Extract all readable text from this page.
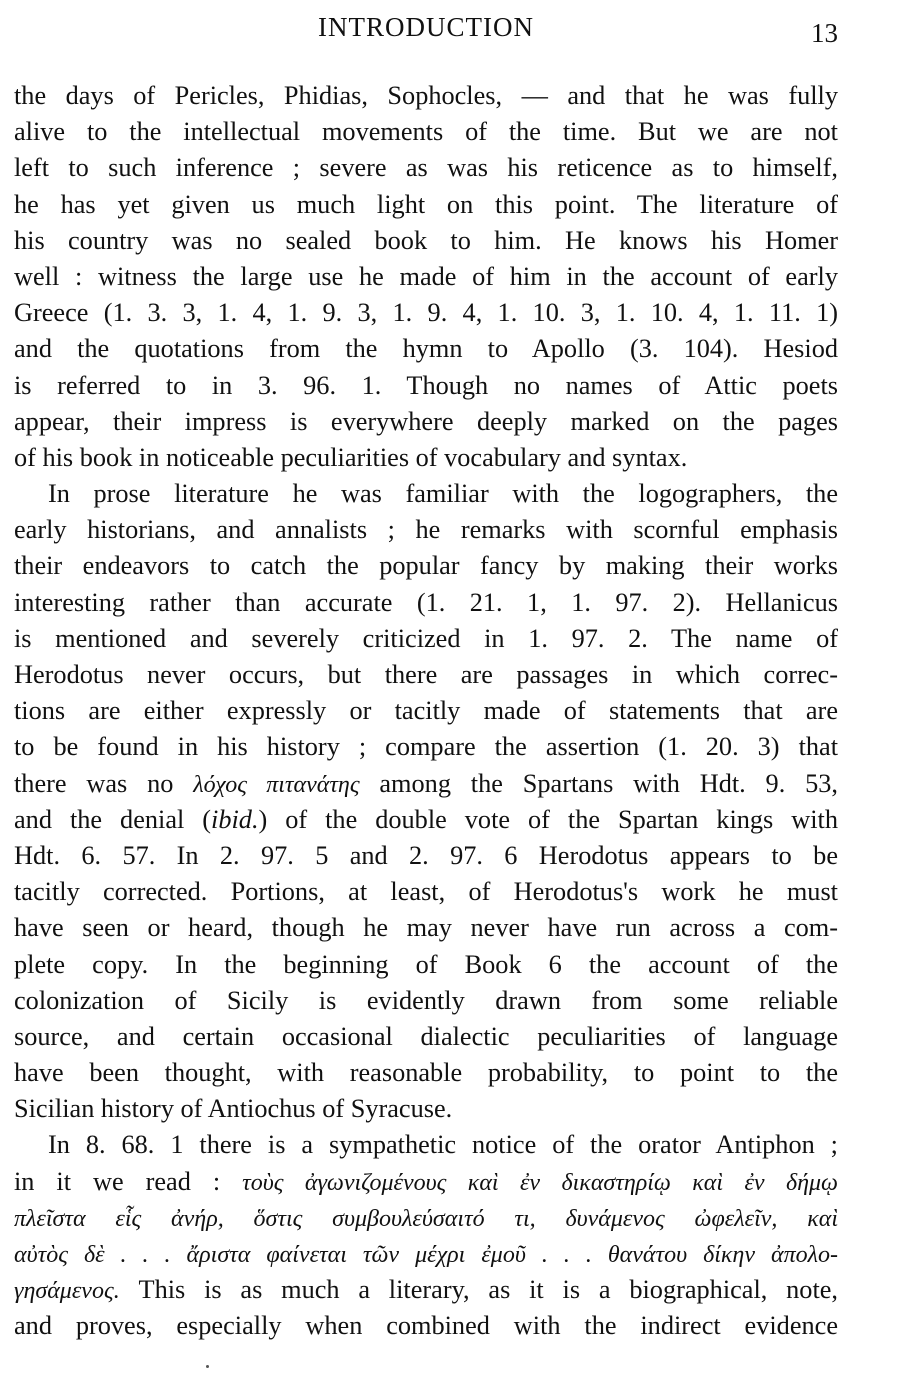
INTRODUCTION	13
the days of Pericles, Phidias, Sophocles, — and that he was fully
alive to the intellectual movements of the time. But we are not
left to such inference ; severe as was his reticence as to himself,
he has yet given us much light on this point. The literature of
his country was no sealed book to him. He knows his Homer
well : witness the large use he made of him in the account of early
Greece (1. 3. 3, 1. 4, 1. 9. 3, 1. 9. 4, 1. 10. 3, 1. 10. 4, 1. 11. 1)
and the quotations from the hymn to Apollo (3. 104). Hesiod
is referred to in 3. 96. 1. Though no names of Attic poets
appear, their impress is everywhere deeply marked on the pages
of his book in noticeable peculiarities of vocabulary and syntax.
In prose literature he was familiar with the logographers, the
early historians, and annalists ; he remarks with scornful emphasis
their endeavors to catch the popular fancy by making their works
interesting rather than accurate (1. 21. 1, 1. 97. 2). Hellanicus
is mentioned and severely criticized in 1. 97. 2. The name of
Herodotus never occurs, but there are passages in which correc-
tions are either expressly or tacitly made of statements that are
to be found in his history ; compare the assertion (1. 20. 3) that
there was no λόχος πιτανάτης among the Spartans with Hdt. 9. 53,
and the denial (ibid.) of the double vote of the Spartan kings with
Hdt. 6. 57. In 2. 97. 5 and 2. 97. 6 Herodotus appears to be
tacitly corrected. Portions, at least, of Herodotus's work he must
have seen or heard, though he may never have run across a com-
plete copy. In the beginning of Book 6 the account of the
colonization of Sicily is evidently drawn from some reliable
source, and certain occasional dialectic peculiarities of language
have been thought, with reasonable probability, to point to the
Sicilian history of Antiochus of Syracuse.
In 8. 68. 1 there is a sympathetic notice of the orator Antiphon ;
in it we read : τοὺς ἀγωνιζομένους καὶ ἐν δικαστηρίῳ καὶ ἐν δήμῳ
πλεῖστα εἷς ἀνήρ, ὅστις συμβουλεύσαιτό τι, δυνάμενος ὠφελεῖν, καὶ
αὐτὸς δὲ . . . ἄριστα φαίνεται τῶν μέχρι ἐμοῦ . . . θανάτου δίκην ἀπολο-
γησάμενος. This is as much a literary, as it is a biographical, note,
and proves, especially when combined with the indirect evidence
